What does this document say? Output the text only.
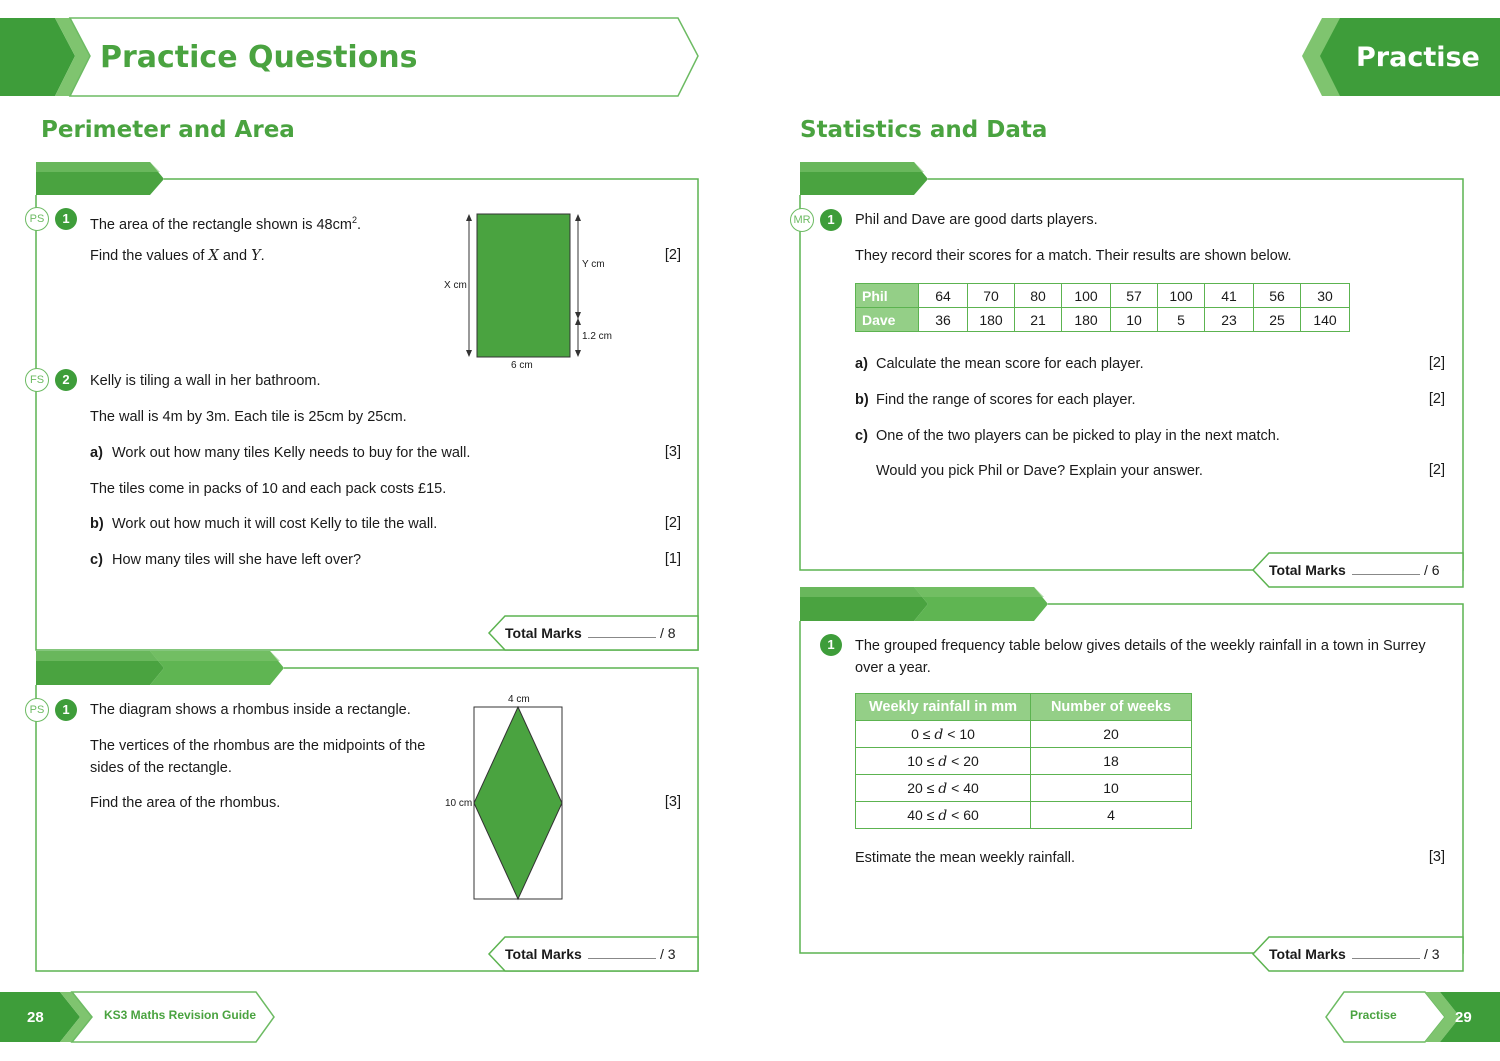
Practice Questions	Practise
Perimeter and Area
PS	1	The area of the rectangle shown is $48cm^2$.
Find the values of X and Y.	[2]
X cm
Y cm
6 cm
1.2 cm
FS	2	Kelly is tiling a wall in her bathroom.
The wall is 4m by 3m. Each tile is 25cm by 25cm.
a) Work out how many tiles Kelly needs to buy for the wall.	[3]
The tiles come in packs of 10 and each pack costs £15.
b) Work out how much it will cost Kelly to tile the wall.	[2]
c) How many tiles will she have left over?	[1]
Total Marks	/ 8
PS	1	The diagram shows a rhombus inside a rectangle.
The vertices of the rhombus are the midpoints of the
sides of the rectangle.
Find the area of the rhombus.	[3]
4 cm
10 cm
Total Marks	/ 3
28	KS3 Maths Revision Guide
Statistics and Data
MR	1	Phil and Dave are good darts players.
They record their scores for a match. Their results are shown below.
Phil	64	70	80	100	57	100	41	56	30
Dave	36	180	21	180	10	5	23	25	140
a) Calculate the mean score for each player.	[2]
b) Find the range of scores for each player.	[2]
c) One of the two players can be picked to play in the next match.
Would you pick Phil or Dave? Explain your answer.	[2]
Total Marks	/ 6
1	The grouped frequency table below gives details of the weekly rainfall in a town in Surrey
over a year.
Weekly rainfall in mm	Number of weeks
0 ≤ d < 10	20
10 ≤ d < 20	18
20 ≤ d < 40	10
40 ≤ d < 60	4
Estimate the mean weekly rainfall.	[3]
Total Marks	/ 3
Practise	29
